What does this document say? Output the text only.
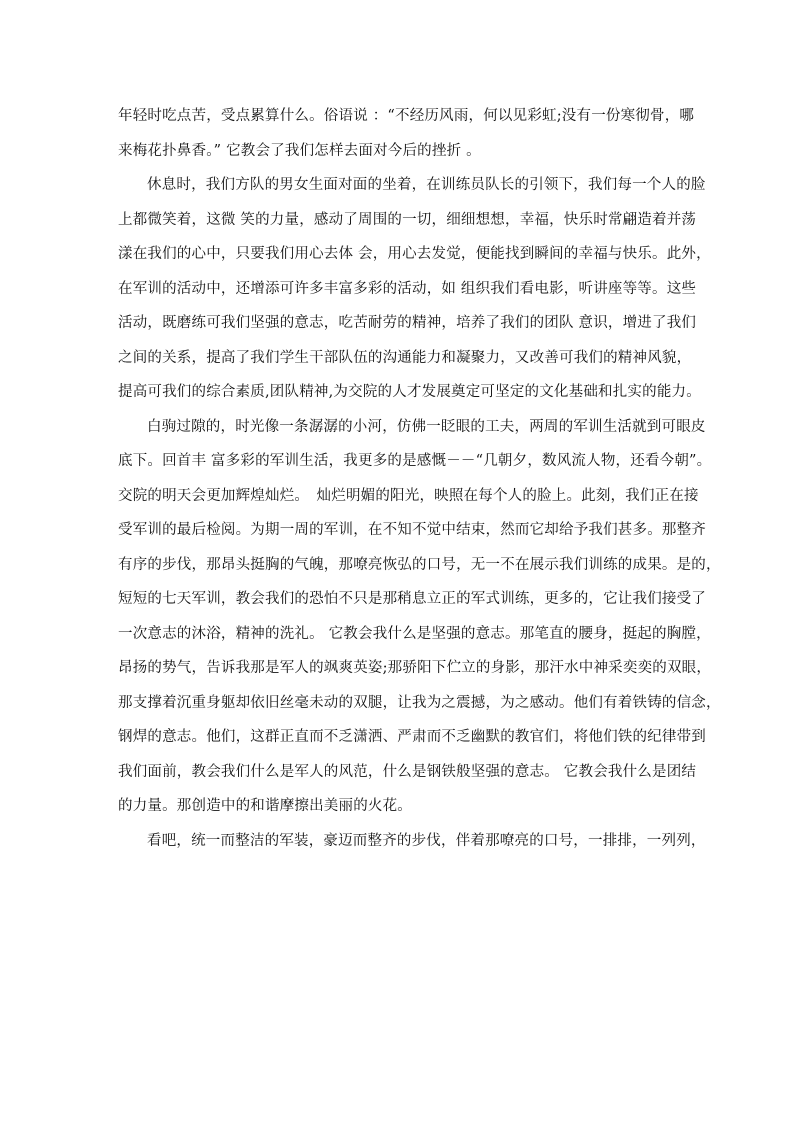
年轻时吃点苦，受点累算什么。俗语说 ：“不经历风雨，何以见彩虹;没有一份寒彻骨，哪
来梅花扑鼻香。” 它教会了我们怎样去面对今后的挫折 。
休息时，我们方队的男女生面对面的坐着，在训练员队长的引领下，我们每一个人的脸
上都微笑着，这微 笑的力量，感动了周围的一切，细细想想，幸福，快乐时常翩造着并荡
漾在我们的心中，只要我们用心去体 会，用心去发觉，便能找到瞬间的幸福与快乐。此外，
在军训的活动中，还增添可许多丰富多彩的活动，如 组织我们看电影，听讲座等等。这些
活动，既磨练可我们坚强的意志，吃苦耐劳的精神，培养了我们的团队 意识，增进了我们
之间的关系，提高了我们学生干部队伍的沟通能力和凝聚力，又改善可我们的精神风貌，
提高可我们的综合素质,团队精神,为交院的人才发展奠定可坚定的文化基础和扎实的能力。
白驹过隙的，时光像一条潺潺的小河，仿佛一眨眼的工夫，两周的军训生活就到可眼皮
底下。回首丰 富多彩的军训生活，我更多的是感慨－－“几朝夕，数风流人物，还看今朝”。
交院的明天会更加辉煌灿烂。　灿烂明媚的阳光，映照在每个人的脸上。此刻，我们正在接
受军训的最后检阅。为期一周的军训，在不知不觉中结束，然而它却给予我们甚多。那整齐
有序的步伐，那昂头挺胸的气魄，那嘹亮恢弘的口号，无一不在展示我们训练的成果。是的，
短短的七天军训，教会我们的恐怕不只是那稍息立正的军式训练，更多的，它让我们接受了
一次意志的沐浴，精神的洗礼。 它教会我什么是坚强的意志。那笔直的腰身，挺起的胸膛，
昂扬的势气，告诉我那是军人的飒爽英姿;那骄阳下伫立的身影，那汗水中神采奕奕的双眼，
那支撑着沉重身躯却依旧丝毫未动的双腿，让我为之震撼，为之感动。他们有着铁铸的信念，
钢焊的意志。他们，这群正直而不乏潇洒、严肃而不乏幽默的教官们，将他们铁的纪律带到
我们面前，教会我们什么是军人的风范，什么是钢铁般坚强的意志。 它教会我什么是团结
的力量。那创造中的和谐摩擦出美丽的火花。
看吧，统一而整洁的军装，豪迈而整齐的步伐，伴着那嘹亮的口号，一排排，一列列，
